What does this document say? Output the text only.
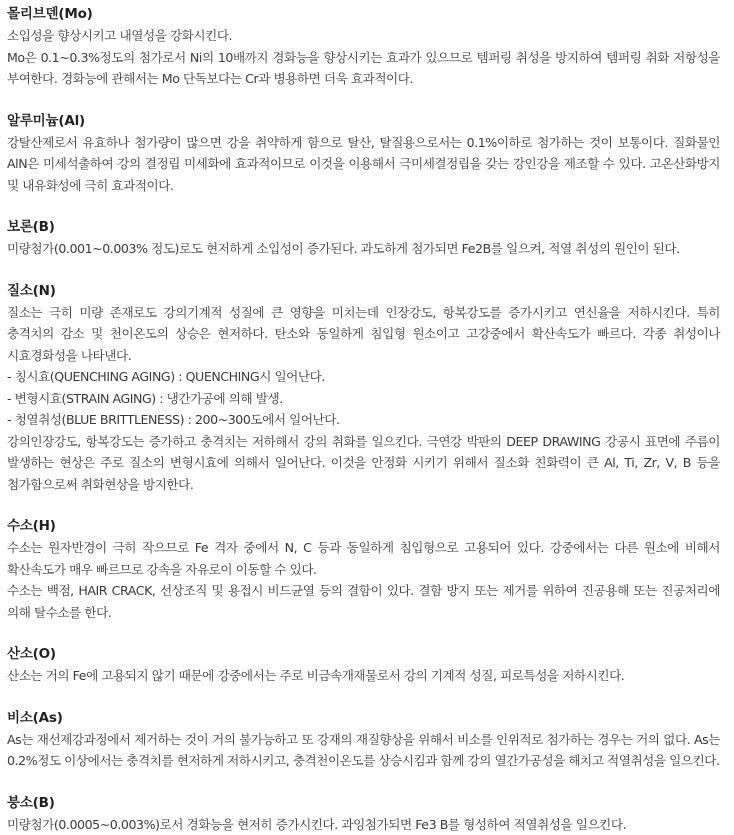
몰리브덴(Mo)

소입성을 향상시키고 내열성을 강화시킨다.

Mo은 0.1~0.3%정도의 첨가로서 Ni의 10배까지 경화능을 향상시키는 효과가 있으므로 템퍼링 취성을 방지하여 템퍼링 취화 저항성을 부여한다. 경화능에 관해서는 Mo 단독보다는 Cr과 병용하면 더욱 효과적이다.

알루미늄(Al)

강탈산제로서 유효하나 첨가량이 많으면 강을 취약하게 함으로 탈산, 탈질용으로서는 0.1%이하로 첨가하는 것이 보통이다. 질화물인 AlN은 미세석출하여 강의 결정립 미세화에 효과적이므로 이것을 이용해서 극미세결정립을 갖는 강인강을 제조할 수 있다. 고온산화방지 및 내유화성에 극히 효과적이다.

보론(B)

미량첨가(0.001~0.003% 정도)로도 현저하게 소입성이 증가된다. 과도하게 첨가되면 Fe2B를 일으켜, 적열 취성의 원인이 된다.

질소(N)

질소는 극히 미량 존재로도 강의기계적 성질에 큰 영향을 미치는데 인장강도, 항복강도를 증가시키고 연신율을 저하시킨다. 특히 충격치의 감소 및 천이온도의 상승은 현저하다. 탄소와 동일하게 침입형 원소이고 고강중에서 확산속도가 빠르다. 각종 취성이나 시효경화성을 나타낸다.

- 칭시효(QUENCHING AGING) : QUENCHING시 일어난다.

- 변형시효(STRAIN AGING) : 냉간가공에 의해 발생.

- 청열취성(BLUE BRITTLENESS) : 200~300도에서 일어난다.

강의인장강도, 항복강도는 증가하고 충격치는 저하해서 강의 취화를 일으킨다. 극연강 박판의 DEEP DRAWING 강공시 표면에 주름이 발생하는 현상은 주로 질소의 변형시효에 의해서 일어난다. 이것을 안정화 시키기 위해서 질소화 친화력이 큰 Al, Ti, Zr, V, B 등을 첨가함으로써 취화현상을 방지한다.

수소(H)

수소는 원자반경이 극히 작으므로 Fe 격자 중에서 N, C 등과 동일하게 침입형으로 고용되어 있다. 강중에서는 다른 원소에 비해서 확산속도가 매우 빠르므로 강속을 자유로이 이동할 수 있다.

수소는 백점, HAIR CRACK, 선상조직 및 용접시 비드균열 등의 결함이 있다. 결함 방지 또는 제거를 위하여 진공용해 또는 진공처리에 의해 탈수소를 한다.

산소(O)

산소는 거의 Fe에 고용되지 않기 때문에 강중에서는 주로 비금속개재물로서 강의 기계적 성질, 피로특성을 저하시킨다.

비소(As)

As는 재선제강과정에서 제거하는 것이 거의 불가능하고 또 강재의 재질향상을 위해서 비소를 인위적로 첨가하는 경우는 거의 없다. As는 0.2%정도 이상에서는 충격치를 현저하게 저하시키고, 충격천이온도를 상승시킴과 함께 강의 열간가공성을 해치고 적열취성을 일으킨다.

붕소(B)

미량첨가(0.0005~0.003%)로서 경화능을 현저히 증가시킨다. 과잉첨가되면 Fe3 B를 형성하여 적열취성을 일으킨다.
